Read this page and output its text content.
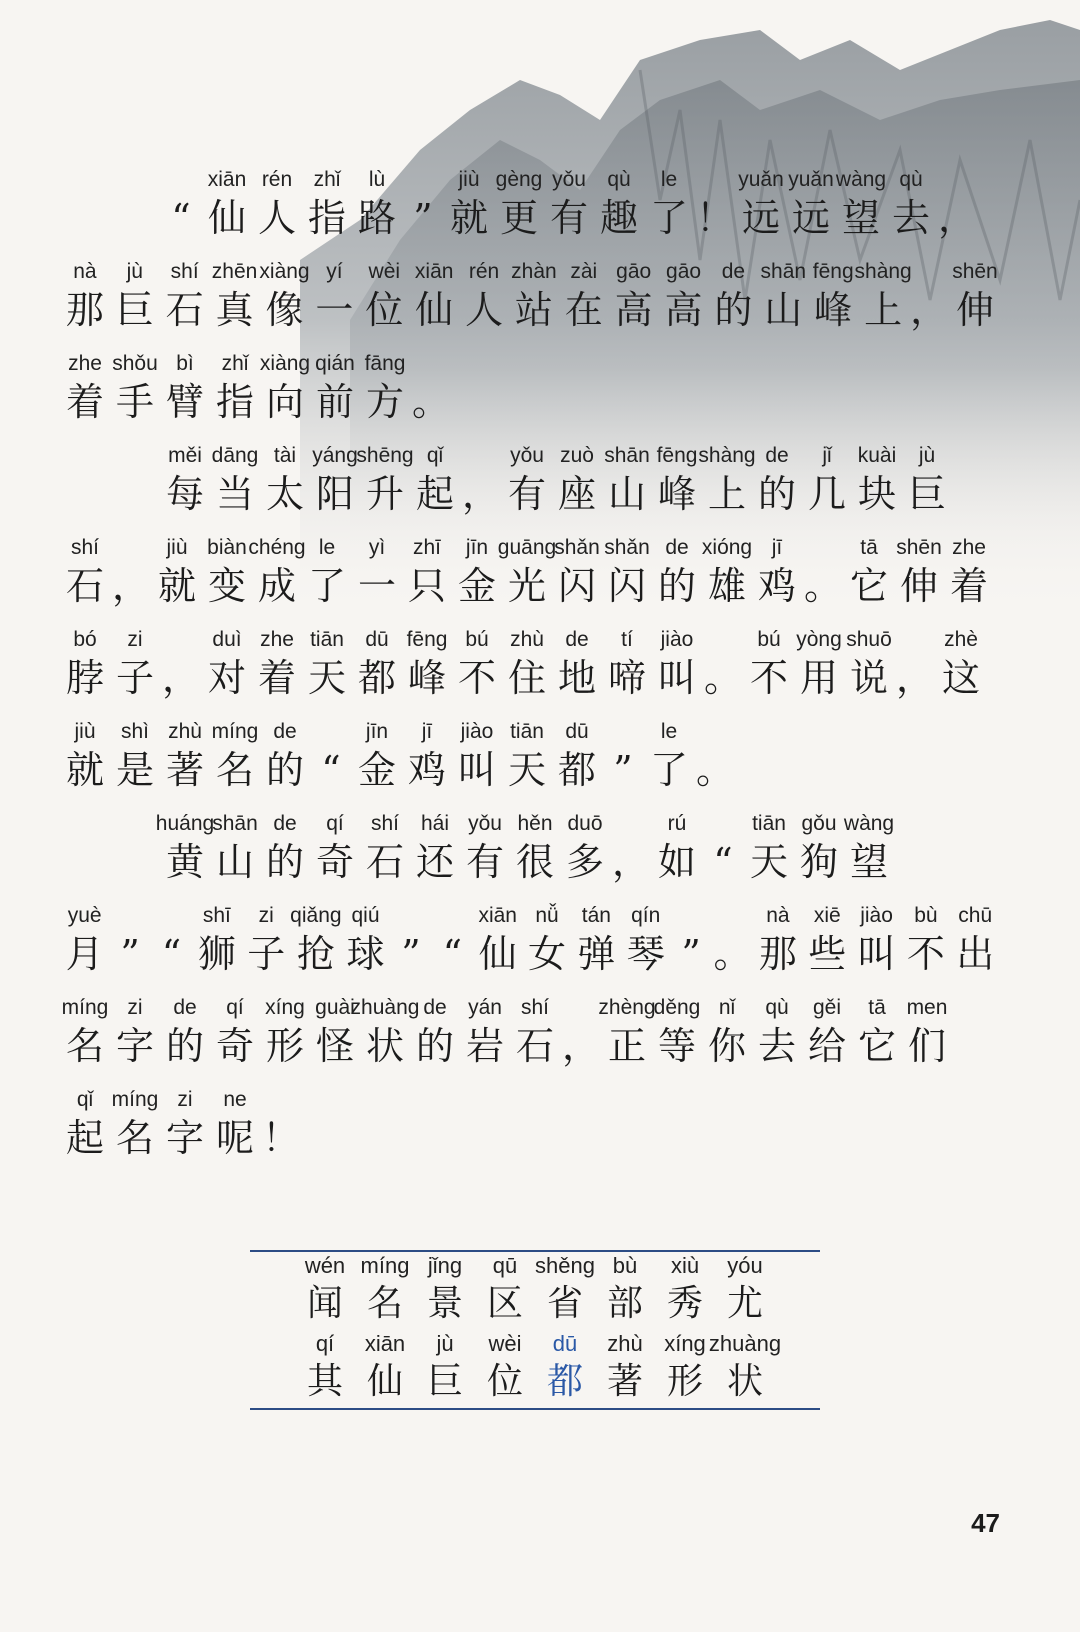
“
xiān
仙
rén
人
zhǐ
指
lù
路 ”
jiù
就
gèng
更
yǒu
有
qù
趣
le
了 ！
yuǎn
远
yuǎn
远
wàng
望
qù
去 ，
nà
那
jù
巨
shí
石
zhēn
真
xiàng
像
yí
一
wèi
位
xiān
仙
rén
人
zhàn
站
zài
在
gāo
高
gāo
高
de
的
shān
山
fēng
峰
shàng
上 ，
shēn
伸
zhe
着
shǒu
手
bì
臂
zhǐ
指
xiàng
向
qián
前
fāng
方 。
měi
每
dāng
当
tài
太
yáng
阳
shēng
升
qǐ
起 ，
yǒu
有
zuò
座
shān
山
fēng
峰
shàng
上
de
的
jǐ
几
kuài
块
jù
巨
shí
石 ，
jiù
就
biàn
变
chéng
成
le
了
yì
一
zhī
只
jīn
金
guāng
光
shǎn
闪
shǎn
闪
de
的
xióng
雄
jī
鸡 。
tā
它
shēn
伸
zhe
着
bó
脖
zi
子 ，
duì
对
zhe
着
tiān
天
dū
都
fēng
峰
bú
不
zhù
住
de
地
tí
啼
jiào
叫 。
bú
不
yòng
用
shuō
说 ，
zhè
这
jiù
就
shì
是
zhù
著
míng
名
de
的 “
jīn
金
jī
鸡
jiào
叫
tiān
天
dū
都 ”
le
了 。
huáng
黄
shān
山
de
的
qí
奇
shí
石
hái
还
yǒu
有
hěn
很
duō
多 ，
rú
如 “
tiān
天
gǒu
狗
wàng
望
yuè
月 ” “
shī
狮
zi
子
qiǎng
抢
qiú
球 ” “
xiān
仙
nǚ
女
tán
弹
qín
琴 ” 。
nà
那
xiē
些
jiào
叫
bù
不
chū
出
míng
名
zi
字
de
的
qí
奇
xíng
形
guài
怪
zhuàng
状
de
的
yán
岩
shí
石 ，
zhèng
正
děng
等
nǐ
你
qù
去
gěi
给
tā
它
men
们
qǐ
起
míng
名
zi
字
ne
呢 ！
wén
闻
míng
名
jǐng
景
qū
区
shěng
省
bù
部
xiù
秀
yóu
尤
qí
其
xiān
仙
jù
巨
wèi
位
dū
都
zhù
著
xíng
形
zhuàng
状
47
